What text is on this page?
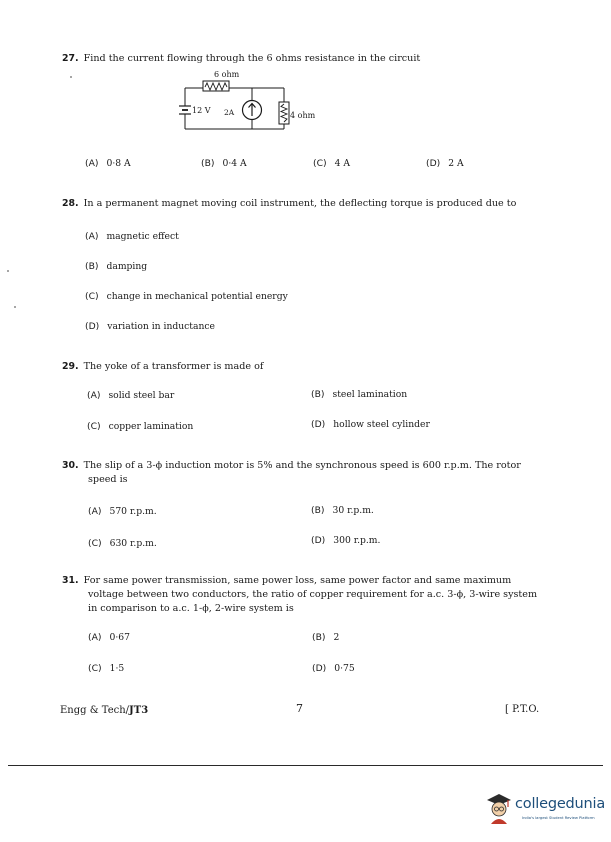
27. Find the current flowing through the 6 ohms resistance in the circuit
6 ohm
12 V 2A	4 ohm
(A) 0·8 A	(B) 0·4 A	(C) 4 A	(D) 2 A
28. In a permanent magnet moving coil instrument, the deflecting torque is produced due to
(A) magnetic effect
(B) damping
(C) change in mechanical potential energy
(D) variation in inductance
29. The yoke of a transformer is made of
(A) solid steel bar	(B) steel lamination
(C) copper lamination	(D) hollow steel cylinder
30. The slip of a 3-ϕ induction motor is 5% and the synchronous speed is 600 r.p.m. The rotor
speed is
(A) 570 r.p.m.	(B) 30 r.p.m.
(C) 630 r.p.m.	(D) 300 r.p.m.
31. For same power transmission, same power loss, same power factor and same maximum
voltage between two conductors, the ratio of copper requirement for a.c. 3-ϕ, 3-wire system
in comparison to a.c. 1-ϕ, 2-wire system is
(A) 0·67	(B) 2
(C) 1·5	(D) 0·75
Engg & Tech/JT3	7	[ P.T.O.
collegedunia
India's largest Student Review Platform
